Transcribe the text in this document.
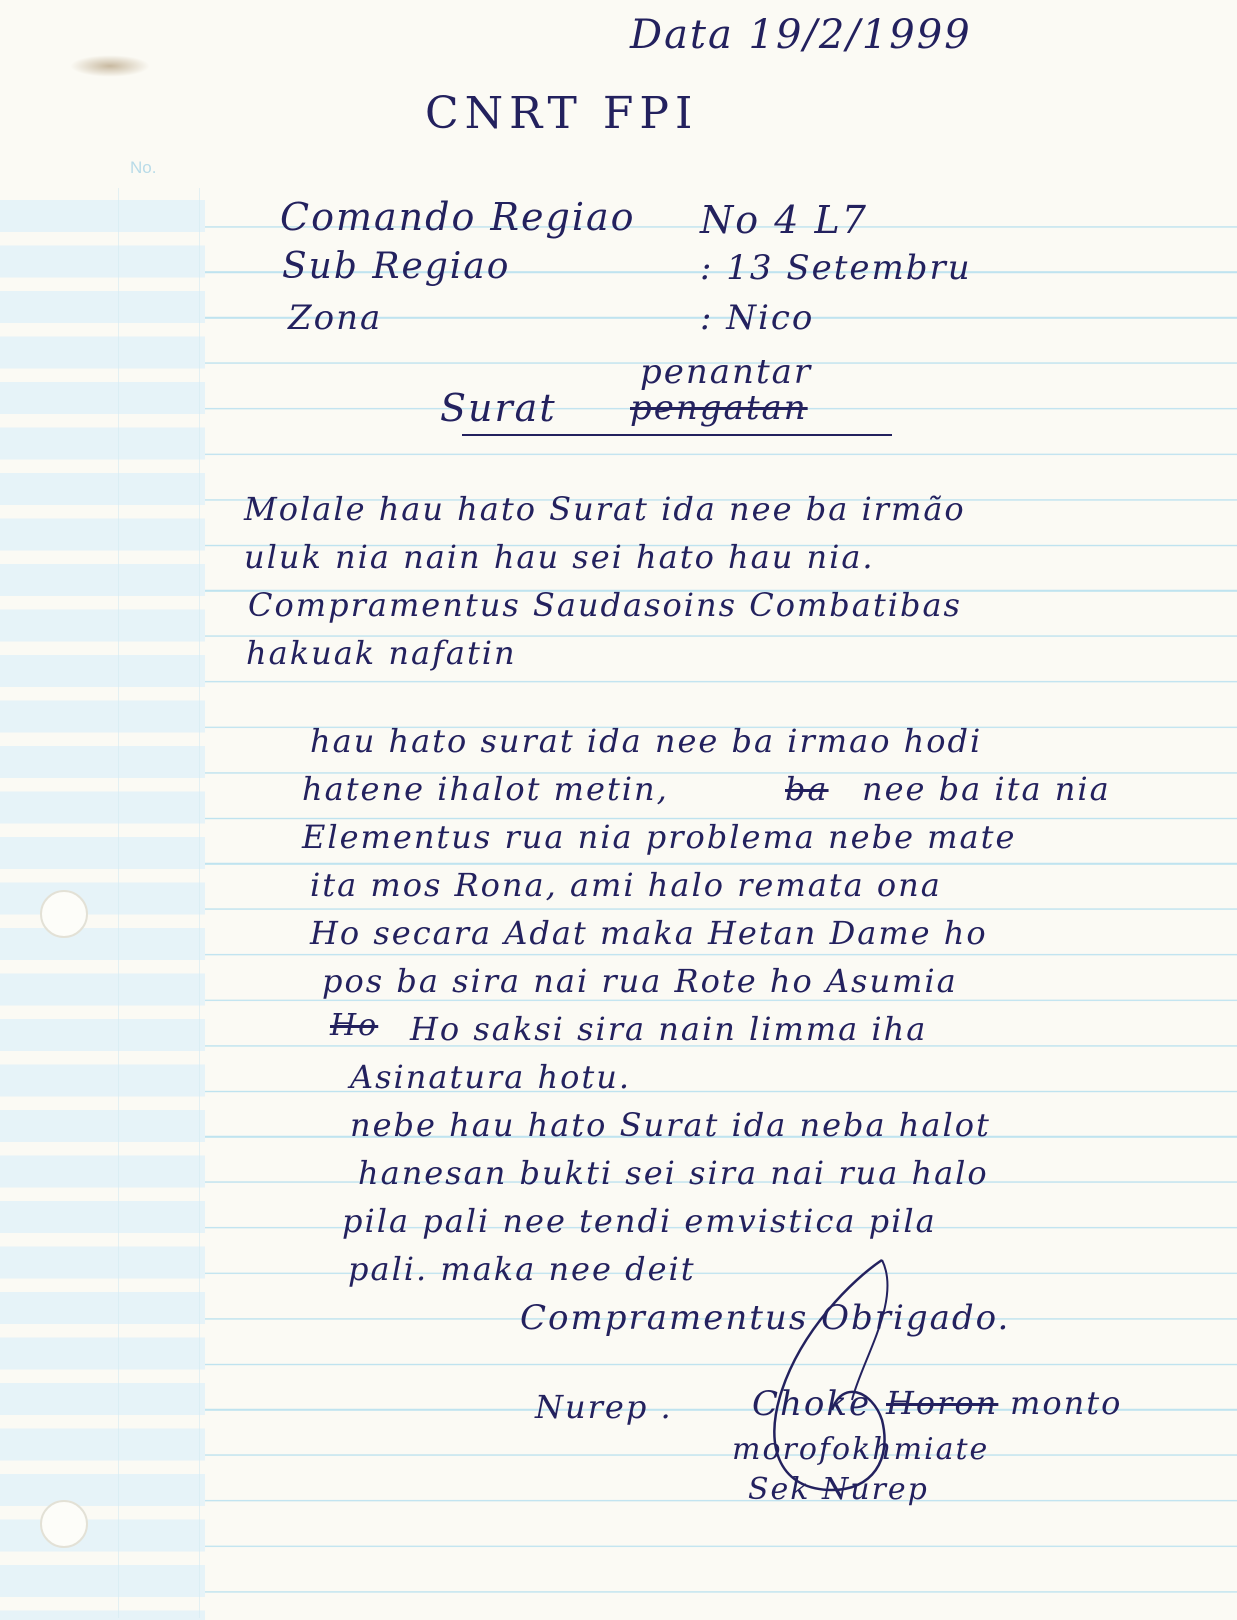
No.
Data 19/2/1999
CNRT FPI
Comando Regiao No 4 L7
Sub Regiao	: 13 Setembru
Zona	: Nico
penantar
Surat pengatan
Molale hau hato Surat ida nee ba irmão
uluk nia nain hau sei hato hau nia.
Compramentus Saudasoins Combatibas
hakuak nafatin
hau hato surat ida nee ba irmao hodi
hatene ihalot metin,	ba nee ba ita nia
Elementus rua nia problema nebe mate
ita mos Rona, ami halo remata ona
Ho secara Adat maka Hetan Dame ho
pos ba sira nai rua Rote ho Asumia
Ho Ho saksi sira nain limma iha
Asinatura hotu.
nebe hau hato Surat ida neba halot
hanesan bukti sei sira nai rua halo
pila pali nee tendi emvistica pila
pali. maka nee deit
Compramentus Obrigado.
Nurep . Choke Horon monto
morofokhmiate
Sek Nurep
